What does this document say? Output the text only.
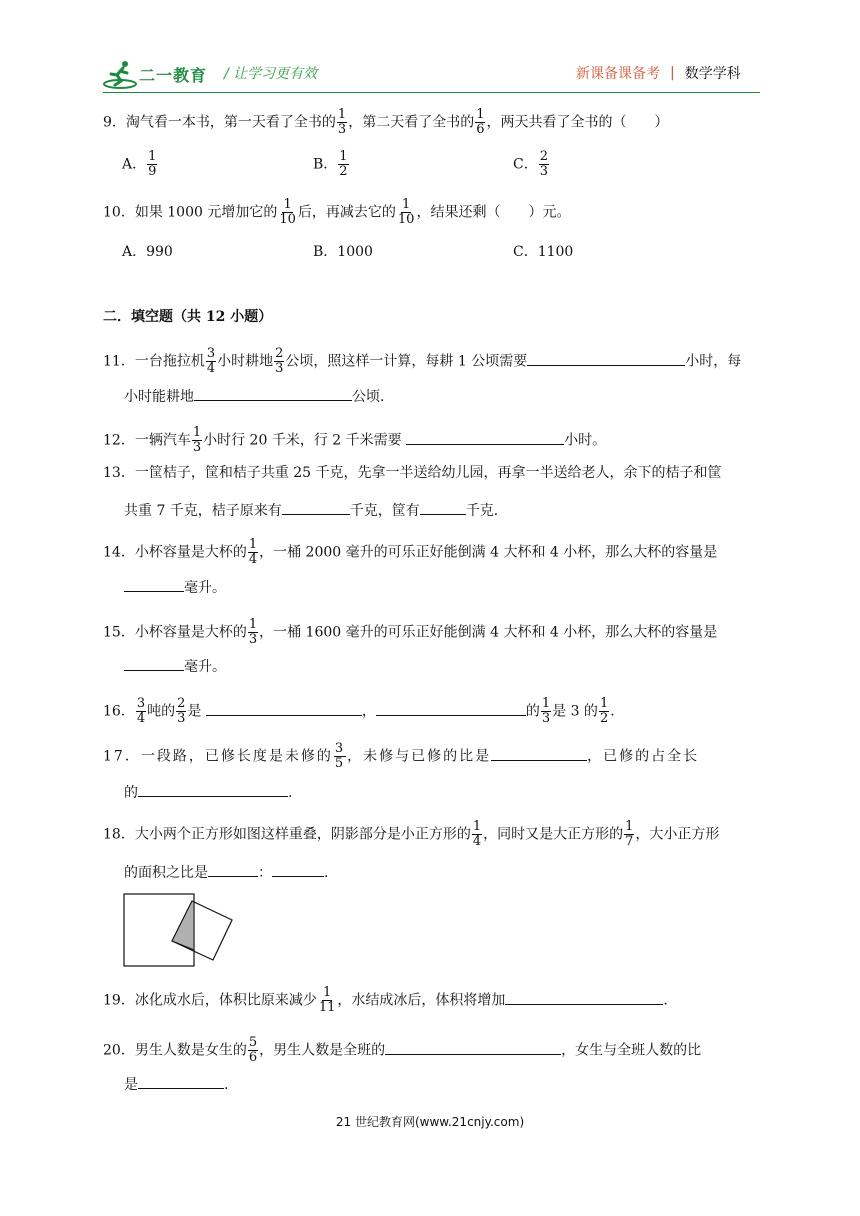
二一教育 / 让学习更有效	新课备课备考 | 数学学科
9．淘气看一本书，第一天看了全书的 $\frac{1}{3}$ ，第二天看了全书的 $\frac{1}{6}$ ，两天共看了全书的（　　）
A． $\frac{1}{9}$	B． $\frac{1}{2}$	C． $\frac{2}{3}$
10．如果 1000 元增加它的 $\frac{1}{10}$ 后，再减去它的 $\frac{1}{10}$ ，结果还剩（　　）元。
A．990	B．1000	C．1100
二．填空题（共 12 小题）
11．一台拖拉机 $\frac{3}{4}$ 小时耕地 $\frac{2}{3}$ 公顷，照这样一计算，每耕 1 公顷需要	小时，每
小时能耕地	公顷．
12．一辆汽车 $\frac{1}{3}$ 小时行 20 千米，行 2 千米需要	小时。
13．一筐桔子，筐和桔子共重 25 千克，先拿一半送给幼儿园，再拿一半送给老人，余下的桔子和筐
共重 7 千克，桔子原来有	千克，筐有	千克．
14．小杯容量是大杯的 $\frac{1}{4}$ ，一桶 2000 毫升的可乐正好能倒满 4 大杯和 4 小杯，那么大杯的容量是
毫升。
15．小杯容量是大杯的 $\frac{1}{3}$ ，一桶 1600 毫升的可乐正好能倒满 4 大杯和 4 小杯，那么大杯的容量是
毫升。
16． $\frac{3}{4}$ 吨的 $\frac{2}{3}$ 是	，	的 $\frac{1}{3}$ 是 3 的 $\frac{1}{2}$ .
17．一段路，已修长度是未修的 $\frac{3}{5}$ ，未修与已修的比是	，已修的占全长
的	.
18．大小两个正方形如图这样重叠，阴影部分是小正方形的 $\frac{1}{4}$ ，同时又是大正方形的 $\frac{1}{7}$ ，大小正方形
的面积之比是	：	.
19．冰化成水后，体积比原来减少 $\frac{1}{11}$ ，水结成冰后，体积将增加	.
20．男生人数是女生的 $\frac{5}{6}$ ，男生人数是全班的	，女生与全班人数的比
是	.
21 世纪教育网(www.21cnjy.com)
